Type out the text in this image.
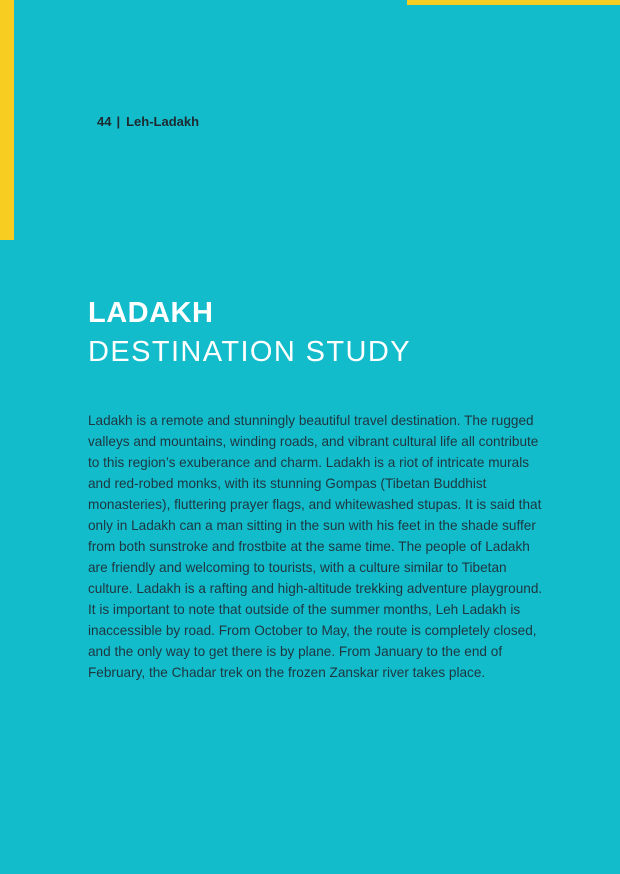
44 | Leh-Ladakh
LADAKH
DESTINATION STUDY

Ladakh is a remote and stunningly beautiful travel destination. The rugged valleys and mountains, winding roads, and vibrant cultural life all contribute to this region’s exuberance and charm. Ladakh is a riot of intricate murals and red-robed monks, with its stunning Gompas (Tibetan Buddhist monasteries), fluttering prayer flags, and whitewashed stupas. It is said that only in Ladakh can a man sitting in the sun with his feet in the shade suffer from both sunstroke and frostbite at the same time. The people of Ladakh are friendly and welcoming to tourists, with a culture similar to Tibetan culture. Ladakh is a rafting and high-altitude trekking adventure playground. It is important to note that outside of the summer months, Leh Ladakh is inaccessible by road. From October to May, the route is completely closed, and the only way to get there is by plane. From January to the end of February, the Chadar trek on the frozen Zanskar river takes place.
